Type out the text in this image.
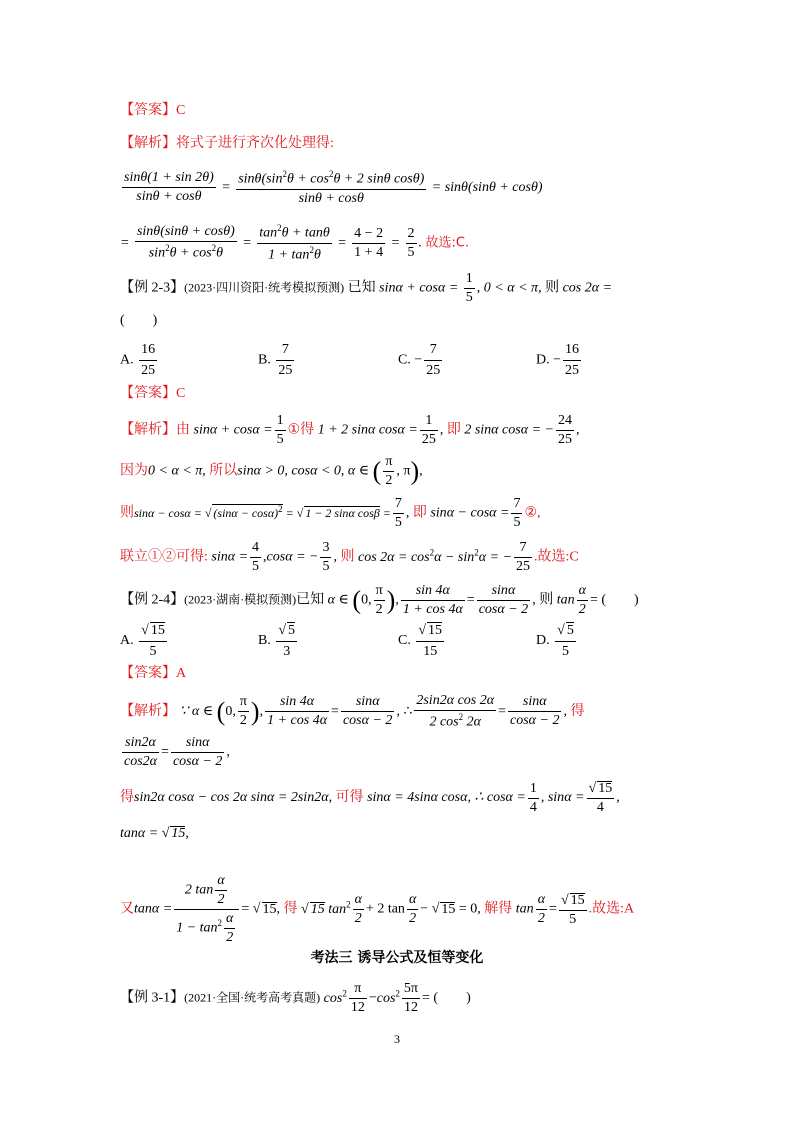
【答案】C
【解析】将式子进行齐次化处理得:
$\frac{\sin\theta(1 + \sin 2\theta)}{\sin\theta + \cos\theta} = \frac{\sin\theta(\sin^2\theta + \cos^2\theta + 2 \sin\theta \cos\theta)}{\sin\theta + \cos\theta} = \sin\theta(\sin\theta + \cos\theta)$
= $\frac{\sin\theta(\sin\theta + \cos\theta)}{\sin^2\theta + \cos^2\theta} = \frac{\tan^2\theta + \tan\theta}{1 + \tan^2\theta} = \frac{4 - 2}{1 + 4} = \frac{2}{5}$ . 故选:C.
【例 2-3】(2023·四川资阳·统考模拟预测) 已知 $\sin\alpha + \cos\alpha = \frac{1}{5}$ , 0 < α < π, 则 cos 2α =
(　　)
A. $\frac{16}{25}$	B. $\frac{7}{25}$	C. − $\frac{7}{25}$	D. − $\frac{16}{25}$
【答案】C
【解析】由 $\sin\alpha + \cos\alpha = \frac{1}{5}$ ①得 1 + 2 sinα $\cos\alpha = \frac{1}{25}$ , 即 2 sinα cosα = − $\frac{24}{25}$ ,
因为0 < α < π, 所以sinα > 0, cosα < 0, α ∈ ( $\frac{\pi}{2}$ , π),
则sinα − cosα = √ $(\sin\alpha - \cos\alpha)^2$ = √ 1 − 2 sinα $\cos\beta = \frac{7}{5}$ , 即 $\sin\alpha - \cos\alpha = \frac{7}{5}$ ②,
联立①②可得: $\sin\alpha = \frac{4}{5} ,\cos\alpha$ = − $\frac{3}{5}$ , 则 $\cos 2\alpha = \cos^2\alpha - \sin^2\alpha$ = − $\frac{7}{25}$ .故选:C
【例 2-4】(2023·湖南·模拟预测)已知 α ∈ (0, $\frac{\pi}{2}$ ), $\frac{\sin 4\alpha}{1 + \cos 4\alpha} = \frac{\sin\alpha}{\cos\alpha - 2}$ , 则 $\tan \frac{\alpha}{2}$ = (　　)
A. $\frac{√ 15}{5}$	B. $\frac{√ 5}{3}$	C. $\frac{√ 15}{15}$	D. $\frac{√ 5}{5}$
【答案】A
【解析】 ∵ α ∈ (0, $\frac{\pi}{2}$ ), $\frac{\sin 4\alpha}{1 + \cos 4\alpha} = \frac{\sin\alpha}{\cos\alpha - 2}$ , ∴ $\frac{\text{2sin2α cos 2α}}{2 \cos^2 2\alpha} = \frac{\sin\alpha}{\cos\alpha - 2}$ , 得
$\frac{\sin 2\alpha}{\cos 2\alpha} = \frac{\sin\alpha}{\cos\alpha - 2}$ ,
得sin2α cosα − cos 2α sinα = 2sin2α, 可得 sinα = 4sinα cosα, ∴ $\cos\alpha = \frac{1}{4}$ , $\sin\alpha = \frac{√ 15}{4}$ ,
tanα = √ 15,
又$\tan\alpha = \frac{2 \tan \frac{\alpha}{2}}{1 - \tan^2 \frac{\alpha}{2}}$ = √ 15, 得 √ 15 $\tan^2 \frac{\alpha}{2} + 2$ $\tan \frac{\alpha}{2}$ − √ 15 = 0, 解得 $\tan \frac{\alpha}{2} = \frac{√ 15}{5}$ .故选:A
考法三 诱导公式及恒等变化
【例 3-1】(2021·全国·统考高考真题) $\cos^2 \frac{\pi}{12} -\cos^2 \frac{5\pi}{12}$ = (　　)
3
